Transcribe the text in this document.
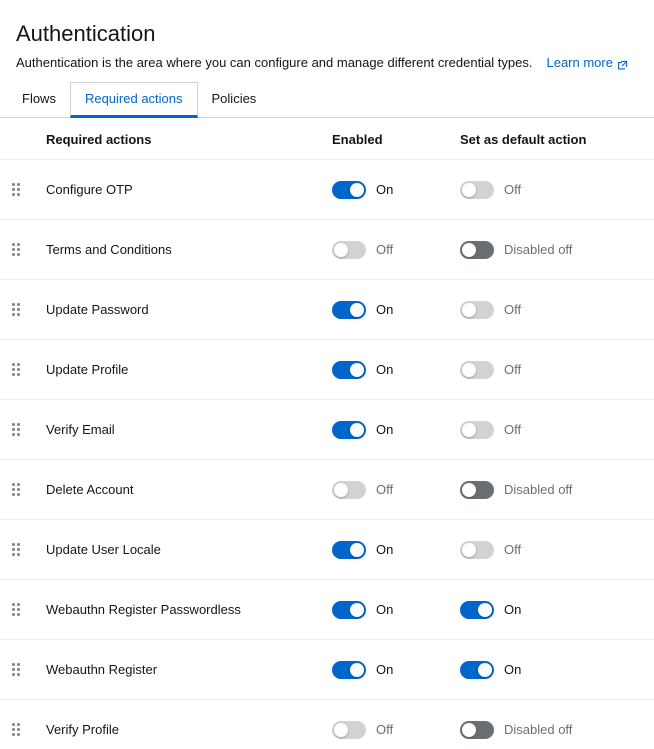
Authentication
Authentication is the area where you can configure and manage different credential types. Learn more
Flows	Required actions	Policies
	Required actions	Enabled	Set as default action

	Configure OTP	On	Off

	Terms and Conditions	Off	Disabled off

	Update Password	On	Off

	Update Profile	On	Off

	Verify Email	On	Off

	Delete Account	Off	Disabled off

	Update User Locale	On	Off

	Webauthn Register Passwordless	On	On

	Webauthn Register	On	On

	Verify Profile	Off	Disabled off
